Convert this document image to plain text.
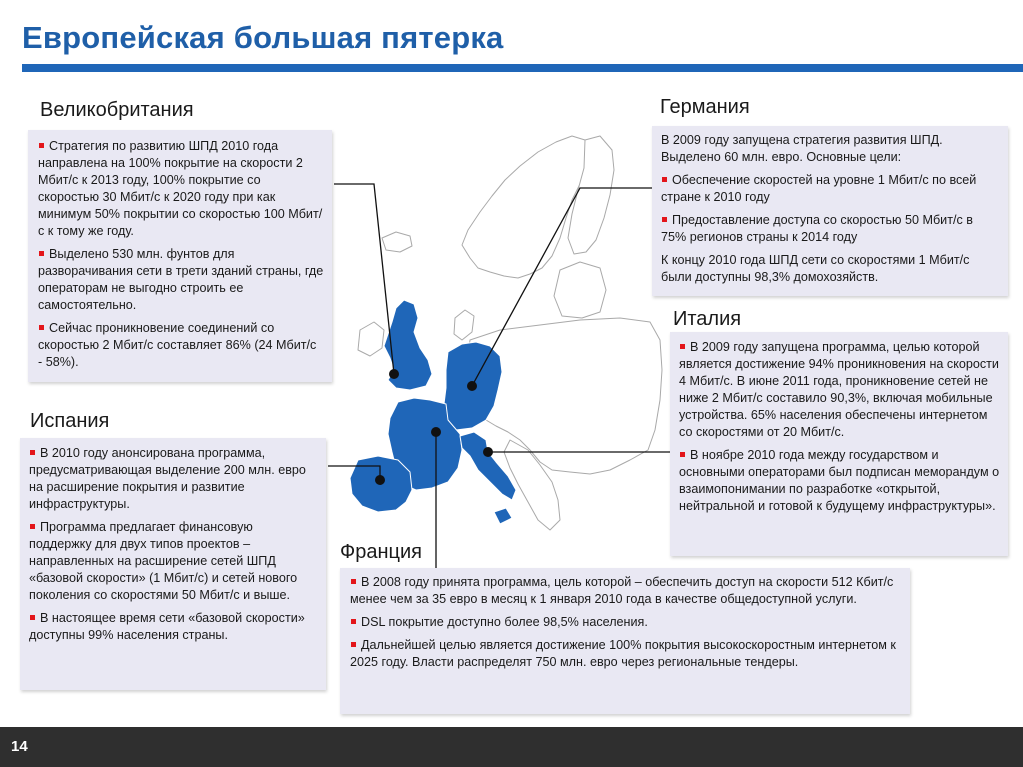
Европейская большая пятерка
Великобритания

Стратегия по развитию ШПД 2010 года направлена на 100% покрытие на скорости 2 Мбит/с к 2013 году, 100% покрытие со скоростью 30 Мбит/с к 2020 году при как минимум 50% покрытии со скоростью 100 Мбит/с к тому же году.

Выделено 530 млн. фунтов для разворачивания сети в трети зданий страны, где операторам не выгодно строить ее самостоятельно.

Сейчас проникновение соединений со скоростью 2 Мбит/с составляет 86% (24 Мбит/с - 58%).

Германия

В 2009 году запущена стратегия развития ШПД. Выделено 60 млн. евро. Основные цели:

Обеспечение скоростей на уровне 1 Мбит/с по всей стране к 2010 году

Предоставление доступа со скоростью 50 Мбит/с в 75% регионов страны к 2014 году

К концу 2010 года ШПД сети со скоростями 1 Мбит/с были доступны 98,3% домохозяйств.

Италия

В 2009 году запущена программа, целью которой является достижение 94% проникновения на скорости 4 Мбит/с. В июне 2011 года, проникновение сетей не ниже 2 Мбит/с составило 90,3%, включая мобильные устройства. 65% населения обеспечены интернетом со скоростями от 20 Мбит/с.

В ноябре 2010 года между государством и основными операторами был подписан меморандум о взаимопонимании по разработке «открытой, нейтральной и готовой к будущему инфраструктуры».

Испания

В 2010 году анонсирована программа, предусматривающая выделение 200 млн. евро на расширение покрытия и развитие инфраструктуры.

Программа предлагает финансовую поддержку для двух типов проектов – направленных на расширение сетей ШПД «базовой скорости» (1 Мбит/с) и сетей нового поколения со скоростями 50 Мбит/с и выше.

В настоящее время сети «базовой скорости» доступны 99% населения страны.

Франция

В 2008 году принята программа, цель которой – обеспечить доступ на скорости 512 Кбит/с менее чем за 35 евро в месяц к 1 января 2010 года в качестве общедоступной услуги.

DSL покрытие доступно более 98,5% населения.

Дальнейшей целью является достижение 100% покрытия высокоскоростным интернетом к 2025 году. Власти распределят 750 млн. евро через региональные тендеры.

14
